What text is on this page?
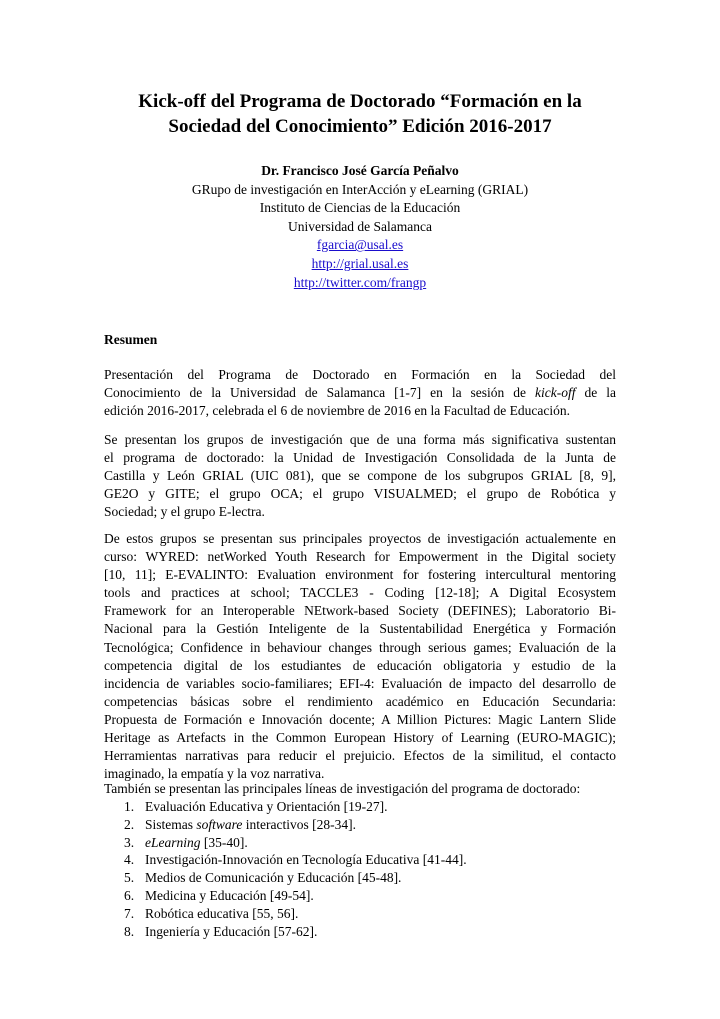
Kick-off del Programa de Doctorado “Formación en la
Sociedad del Conocimiento” Edición 2016-2017
Dr. Francisco José García Peñalvo
GRupo de investigación en InterAcción y eLearning (GRIAL)
Instituto de Ciencias de la Educación
Universidad de Salamanca
fgarcia@usal.es
http://grial.usal.es
http://twitter.com/frangp
Resumen
Presentación del Programa de Doctorado en Formación en la Sociedad del
Conocimiento de la Universidad de Salamanca [1-7] en la sesión de kick-off de la
edición 2016-2017, celebrada el 6 de noviembre de 2016 en la Facultad de Educación.
Se presentan los grupos de investigación que de una forma más significativa sustentan
el programa de doctorado: la Unidad de Investigación Consolidada de la Junta de
Castilla y León GRIAL (UIC 081), que se compone de los subgrupos GRIAL [8, 9],
GE2O y GITE; el grupo OCA; el grupo VISUALMED; el grupo de Robótica y
Sociedad; y el grupo E-lectra.
De estos grupos se presentan sus principales proyectos de investigación actualemente en
curso: WYRED: netWorked Youth Research for Empowerment in the Digital society
[10, 11]; E-EVALINTO: Evaluation environment for fostering intercultural mentoring
tools and practices at school; TACCLE3 - Coding [12-18]; A Digital Ecosystem
Framework for an Interoperable NEtwork-based Society (DEFINES); Laboratorio Bi-
Nacional para la Gestión Inteligente de la Sustentabilidad Energética y Formación
Tecnológica; Confidence in behaviour changes through serious games; Evaluación de la
competencia digital de los estudiantes de educación obligatoria y estudio de la
incidencia de variables socio-familiares; EFI-4: Evaluación de impacto del desarrollo de
competencias básicas sobre el rendimiento académico en Educación Secundaria:
Propuesta de Formación e Innovación docente; A Million Pictures: Magic Lantern Slide
Heritage as Artefacts in the Common European History of Learning (EURO-MAGIC);
Herramientas narrativas para reducir el prejuicio. Efectos de la similitud, el contacto
imaginado, la empatía y la voz narrativa.
También se presentan las principales líneas de investigación del programa de doctorado:
1. Evaluación Educativa y Orientación [19-27].
2. Sistemas software interactivos [28-34].
3. eLearning [35-40].
4. Investigación-Innovación en Tecnología Educativa [41-44].
5. Medios de Comunicación y Educación [45-48].
6. Medicina y Educación [49-54].
7. Robótica educativa [55, 56].
8. Ingeniería y Educación [57-62].
